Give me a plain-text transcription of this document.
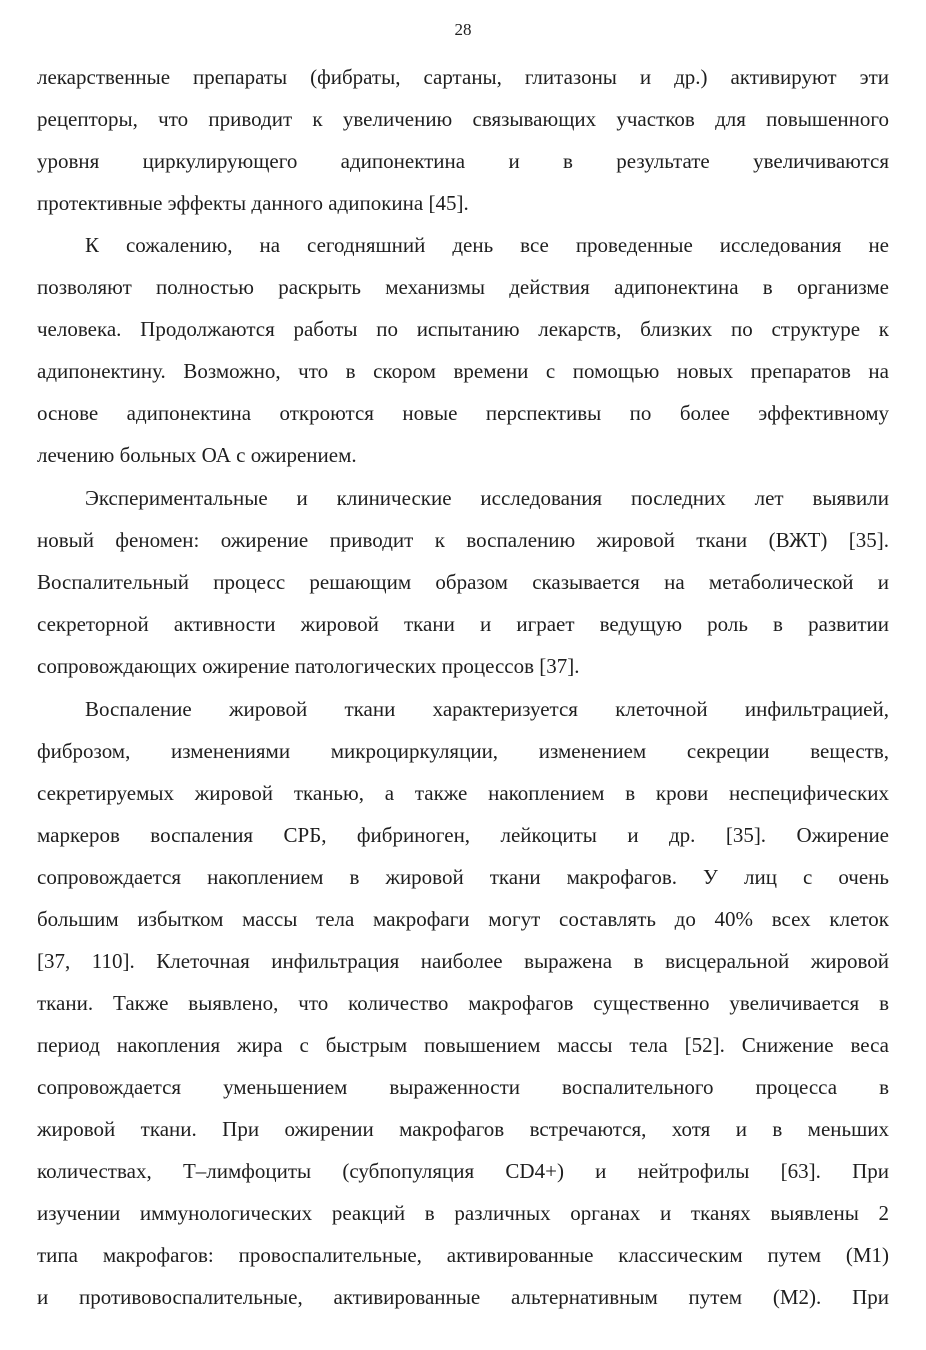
28
лекарственные препараты (фибраты, сартаны, глитазоны и др.) активируют эти
рецепторы, что приводит к увеличению связывающих участков для повышенного
уровня циркулирующего адипонектина и в результате увеличиваются
протективные эффекты данного адипокина [45].
К сожалению, на сегодняшний день все проведенные исследования не
позволяют полностью раскрыть механизмы действия адипонектина в организме
человека. Продолжаются работы по испытанию лекарств, близких по структуре к
адипонектину. Возможно, что в скором времени с помощью новых препаратов на
основе адипонектина откроются новые перспективы по более эффективному
лечению больных ОА с ожирением.
Экспериментальные и клинические исследования последних лет выявили
новый феномен: ожирение приводит к воспалению жировой ткани (ВЖТ) [35].
Воспалительный процесс решающим образом сказывается на метаболической и
секреторной активности жировой ткани и играет ведущую роль в развитии
сопровождающих ожирение патологических процессов [37].
Воспаление жировой ткани характеризуется клеточной инфильтрацией,
фиброзом, изменениями микроциркуляции, изменением секреции веществ,
секретируемых жировой тканью, а также накоплением в крови неспецифических
маркеров воспаления СРБ, фибриноген, лейкоциты и др. [35]. Ожирение
сопровождается накоплением в жировой ткани макрофагов. У лиц с очень
большим избытком массы тела макрофаги могут составлять до 40% всех клеток
[37, 110]. Клеточная инфильтрация наиболее выражена в висцеральной жировой
ткани. Также выявлено, что количество макрофагов существенно увеличивается в
период накопления жира с быстрым повышением массы тела [52]. Снижение веса
сопровождается уменьшением выраженности воспалительного процесса в
жировой ткани. При ожирении макрофагов встречаются, хотя и в меньших
количествах, Т–лимфоциты (субпопуляция CD4+) и нейтрофилы [63]. При
изучении иммунологических реакций в различных органах и тканях выявлены 2
типа макрофагов: провоспалительные, активированные классическим путем (М1)
и противовоспалительные, активированные альтернативным путем (М2). При
